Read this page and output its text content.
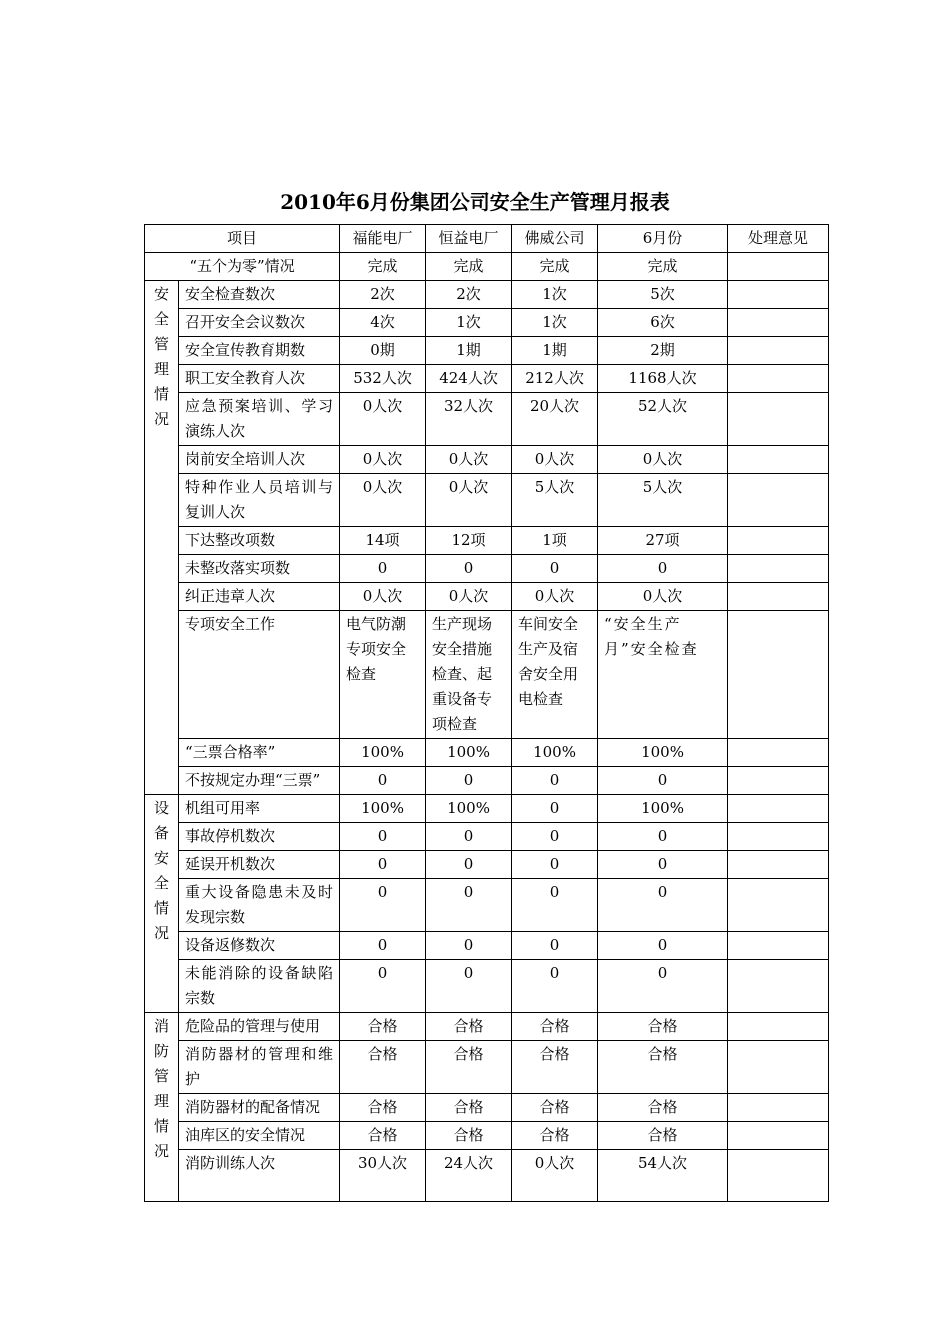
2010年6月份集团公司安全生产管理月报表
项目		福能电厂	恒益电厂	佛威公司	6月份	处理意见
“五个为零”情况		完成	完成	完成	完成	
安全管理情况	安全检查数次	2次	2次	1次	5次	
	召开安全会议数次	4次	1次	1次	6次	
	安全宣传教育期数	0期	1期	1期	2期	
	职工安全教育人次	532人次	424人次	212人次	1168人次	
	应急预案培训、学习演练人次	0人次	32人次	20人次	52人次	
	岗前安全培训人次	0人次	0人次	0人次	0人次	
	特种作业人员培训与复训人次	0人次	0人次	5人次	5人次	
	下达整改项数	14项	12项	1项	27项	
	未整改落实项数	0	0	0	0	
	纠正违章人次	0人次	0人次	0人次	0人次	
	专项安全工作	电气防潮专项安全检查	生产现场安全措施检查、起重设备专项检查	车间安全生产及宿舍安全用电检查	“安全生产月”安全检查	
	“三票合格率”	100%	100%	100%	100%	
	不按规定办理“三票”	0	0	0	0	
设备安全情况	机组可用率	100%	100%	0	100%	
	事故停机数次	0	0	0	0	
	延误开机数次	0	0	0	0	
	重大设备隐患未及时发现宗数	0	0	0	0	
	设备返修数次	0	0	0	0	
	未能消除的设备缺陷宗数	0	0	0	0	
消防管理情况	危险品的管理与使用	合格	合格	合格	合格	
	消防器材的管理和维护	合格	合格	合格	合格	
	消防器材的配备情况	合格	合格	合格	合格	
	油库区的安全情况	合格	合格	合格	合格	
	消防训练人次	30人次	24人次	0人次	54人次	
